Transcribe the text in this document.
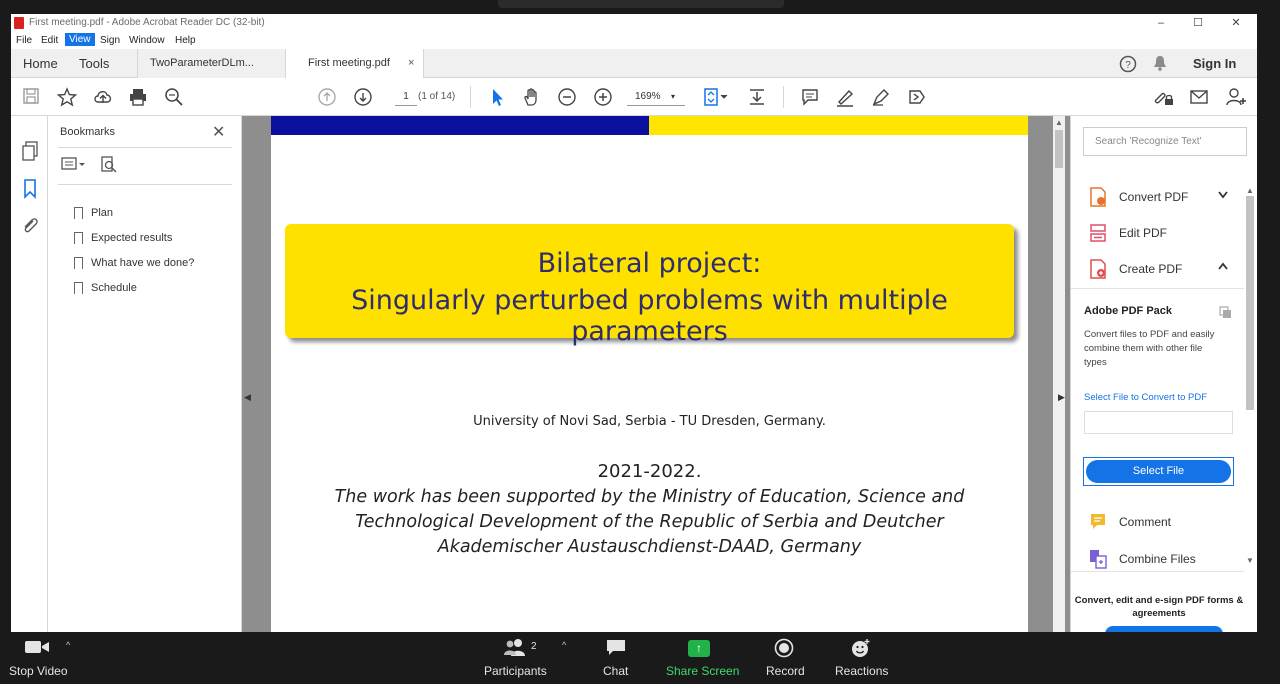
First meeting.pdf - Adobe Acrobat Reader DC (32-bit)	–	☐	✕
File Edit	View Sign Window Help
Home Tools	TwoParameterDLm...	First meeting.pdf ×	?	Sign In
1 (1 of 14)	169% ▾
Bookmarks	✕
Plan
Expected results
What have we done?
Schedule
◀
Bilateral project:
Singularly perturbed problems with multiple parameters
University of Novi Sad, Serbia - TU Dresden, Germany.
2021-2022.
The work has been supported by the Ministry of Education, Science and
Technological Development of the Republic of Serbia and Deutcher
Akademischer Austauschdienst-DAAD, Germany
▲
▶
Search 'Recognize Text'
Convert PDF
Edit PDF
Create PDF
Adobe PDF Pack
Convert files to PDF and easily combine them with other file types
Select File to Convert to PDF
Select File
Comment
Combine Files
Convert, edit and e-sign PDF forms & agreements
▲
▼
^
Stop Video
2	^
Participants	Chat	Share Screen
↑
Record	Reactions
